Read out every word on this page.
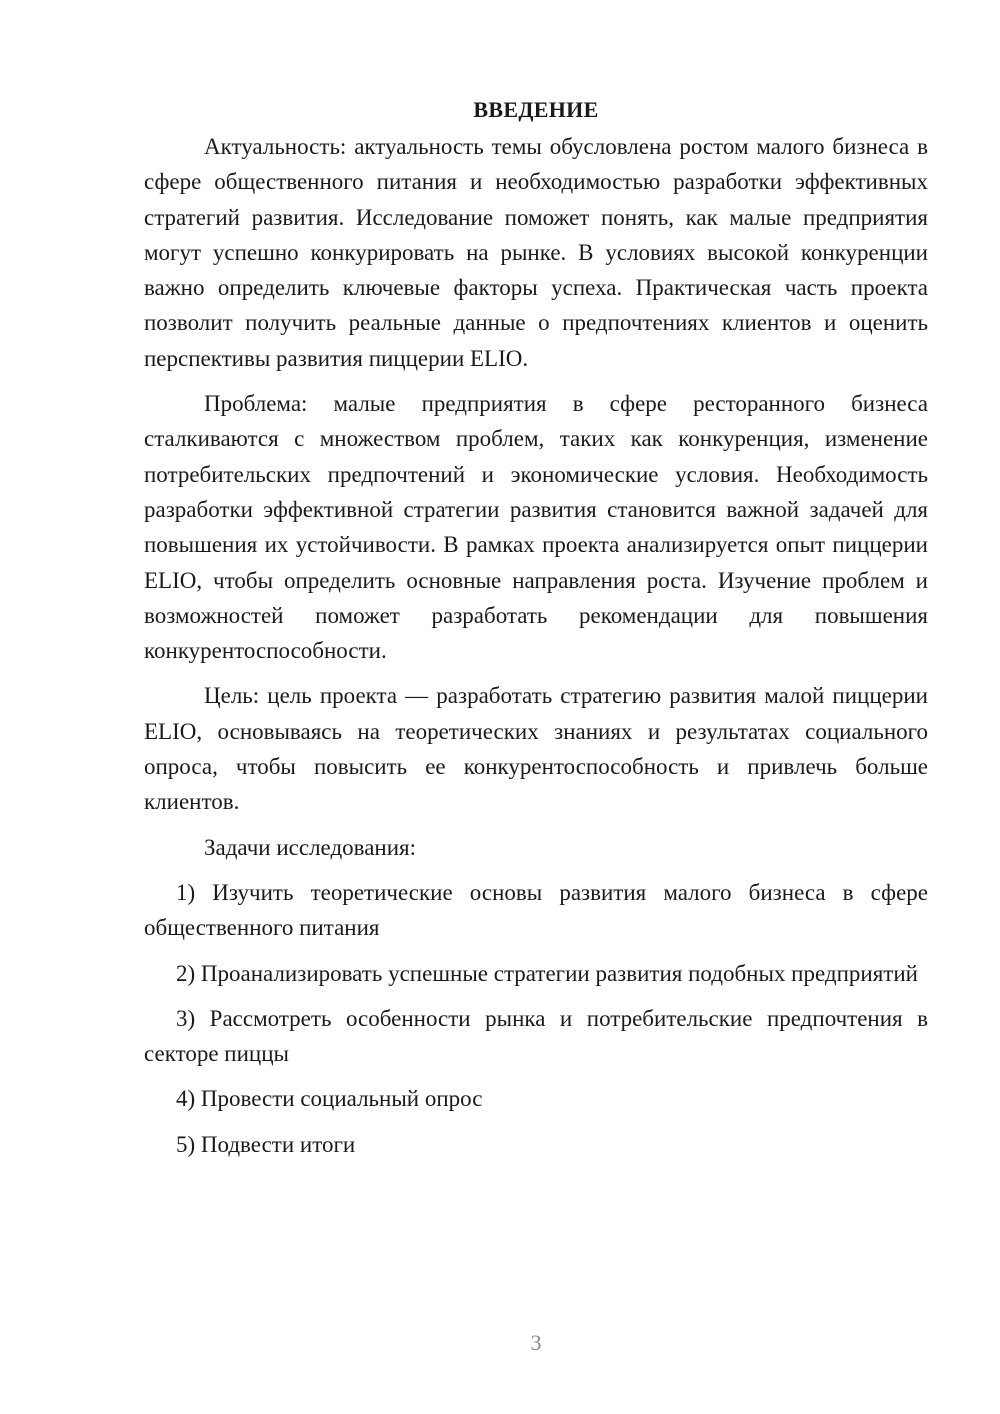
ВВЕДЕНИЕ

Актуальность: актуальность темы обусловлена ростом малого бизнеса в сфере общественного питания и необходимостью разработки эффективных стратегий развития. Исследование поможет понять, как малые предприятия могут успешно конкурировать на рынке. В условиях высокой конкуренции важно определить ключевые факторы успеха. Практическая часть проекта позволит получить реальные данные о предпочтениях клиентов и оценить перспективы развития пиццерии ELIO.

Проблема: малые предприятия в сфере ресторанного бизнеса сталкиваются с множеством проблем, таких как конкуренция, изменение потребительских предпочтений и экономические условия. Необходимость разработки эффективной стратегии развития становится важной задачей для повышения их устойчивости. В рамках проекта анализируется опыт пиццерии ELIO, чтобы определить основные направления роста. Изучение проблем и возможностей поможет разработать рекомендации для повышения конкурентоспособности.

Цель: цель проекта — разработать стратегию развития малой пиццерии ELIO, основываясь на теоретических знаниях и результатах социального опроса, чтобы повысить ее конкурентоспособность и привлечь больше клиентов.

Задачи исследования:

1) Изучить теоретические основы развития малого бизнеса в сфере общественного питания

2) Проанализировать успешные стратегии развития подобных предприятий

3) Рассмотреть особенности рынка и потребительские предпочтения в секторе пиццы

4) Провести социальный опрос

5) Подвести итоги

3
